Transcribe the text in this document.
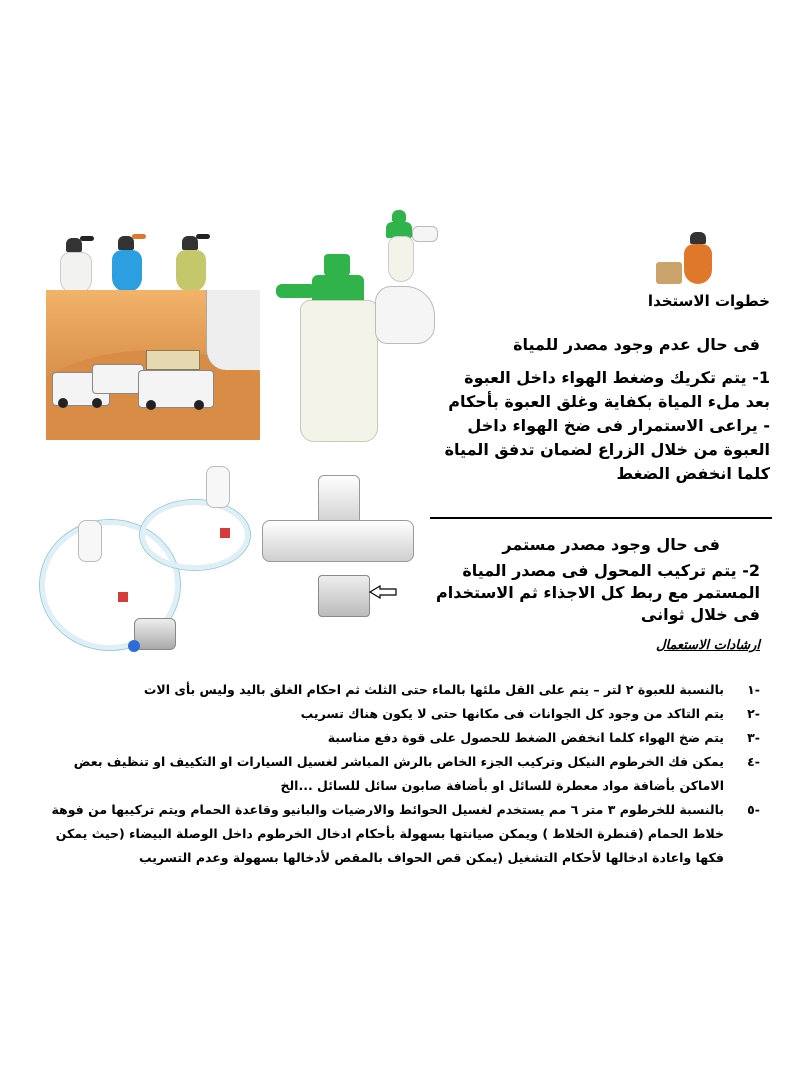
خطوات الاستخدا
فى حال عدم وجود مصدر للمياة
1- يتم تكريك وضغط الهواء داخل العبوة بعد ملء المياة بكفاية وغلق العبوة بأحكام - يراعى الاستمرار فى ضخ الهواء داخل العبوة من خلال الزراع لضمان تدفق المياة كلما انخفض الضغط
فى حال وجود مصدر مستمر
2- يتم تركيب المحول فى مصدر المياة المستمر مع ربط كل الاجذاء ثم الاستخدام فى خلال ثوانى
ارشادات الاستعمال
-١
بالنسبة للعبوة ٢ لتر – يتم على القل ملئها بالماء حتى الثلث ثم احكام الغلق باليد وليس بأى الات
-٢
يتم التاكد من وجود كل الجوانات فى مكانها حتى لا يكون هناك تسريب
-٣
يتم ضخ الهواء كلما انخفض الضغط للحصول على قوة دفع مناسبة
-٤
يمكن فك الخرطوم النيكل وتركيب الجزء الخاص بالرش المباشر لغسيل السيارات او التكييف او تنظيف بعض الاماكن بأضافة مواد معطرة للسائل او بأضافة صابون سائل للسائل ...الخ
-٥
بالنسبة للخرطوم ٣ متر ٦ مم يستخدم لغسيل الحوائط والارضيات والبانيو وقاعدة الحمام ويتم تركيبها من فوهة خلاط الحمام (قنطرة الخلاط ) ويمكن صيانتها بسهولة بأحكام ادخال الخرطوم داخل الوصلة البيضاء (حيث يمكن فكها واعادة ادخالها لأحكام التشغيل (يمكن قص الحواف بالمقص لأدخالها بسهولة وعدم التسريب
